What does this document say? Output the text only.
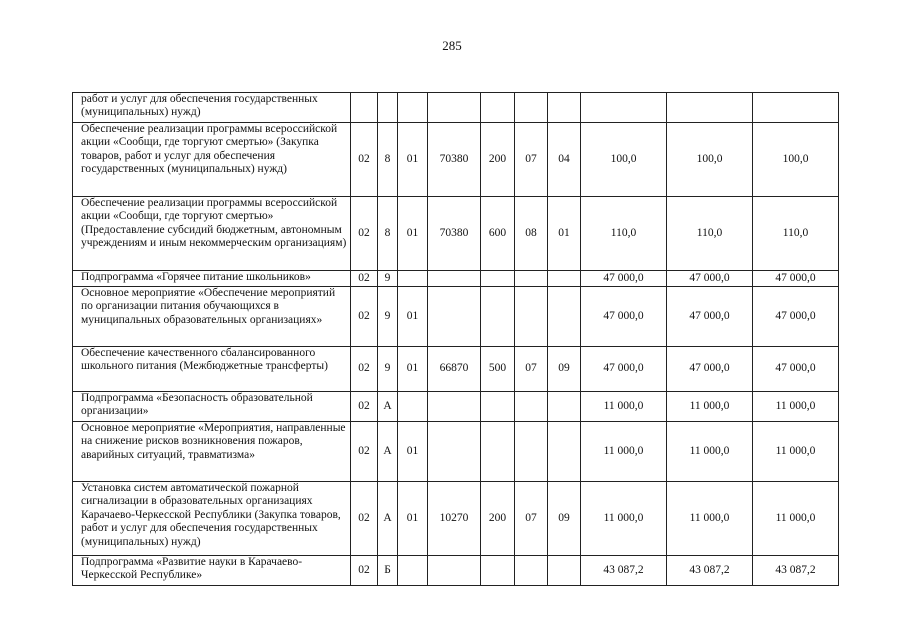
285
работ и услуг для обеспечения государственных (муниципальных) нужд)										
Обеспечение реализации программы всероссийской акции «Сообщи, где торгуют смертью» (Закупка товаров, работ и услуг для обеспечения государственных (муниципальных) нужд)	02	8	01	70380	200	07	04	100,0	100,0	100,0
Обеспечение реализации программы всероссийской акции «Сообщи, где торгуют смертью» (Предоставление субсидий бюджетным, автономным учреждениям и иным некоммерческим организациям)	02	8	01	70380	600	08	01	110,0	110,0	110,0
Подпрограмма «Горячее питание школьников»	02	9						47 000,0	47 000,0	47 000,0
Основное мероприятие «Обеспечение мероприятий по организации питания обучающихся в муниципальных образовательных организациях»	02	9	01					47 000,0	47 000,0	47 000,0
Обеспечение качественного сбалансированного школьного питания (Межбюджетные трансферты)	02	9	01	66870	500	07	09	47 000,0	47 000,0	47 000,0
Подпрограмма «Безопасность образовательной организации»	02	А						11 000,0	11 000,0	11 000,0
Основное мероприятие «Мероприятия, направленные на снижение рисков возникновения пожаров, аварийных ситуаций, травматизма»	02	А	01					11 000,0	11 000,0	11 000,0
Установка систем автоматической пожарной сигнализации в образовательных организациях Карачаево-Черкесской Республики (Закупка товаров, работ и услуг для обеспечения государственных (муниципальных) нужд)	02	А	01	10270	200	07	09	11 000,0	11 000,0	11 000,0
Подпрограмма «Развитие науки в Карачаево-Черкесской Республике»	02	Б						43 087,2	43 087,2	43 087,2
